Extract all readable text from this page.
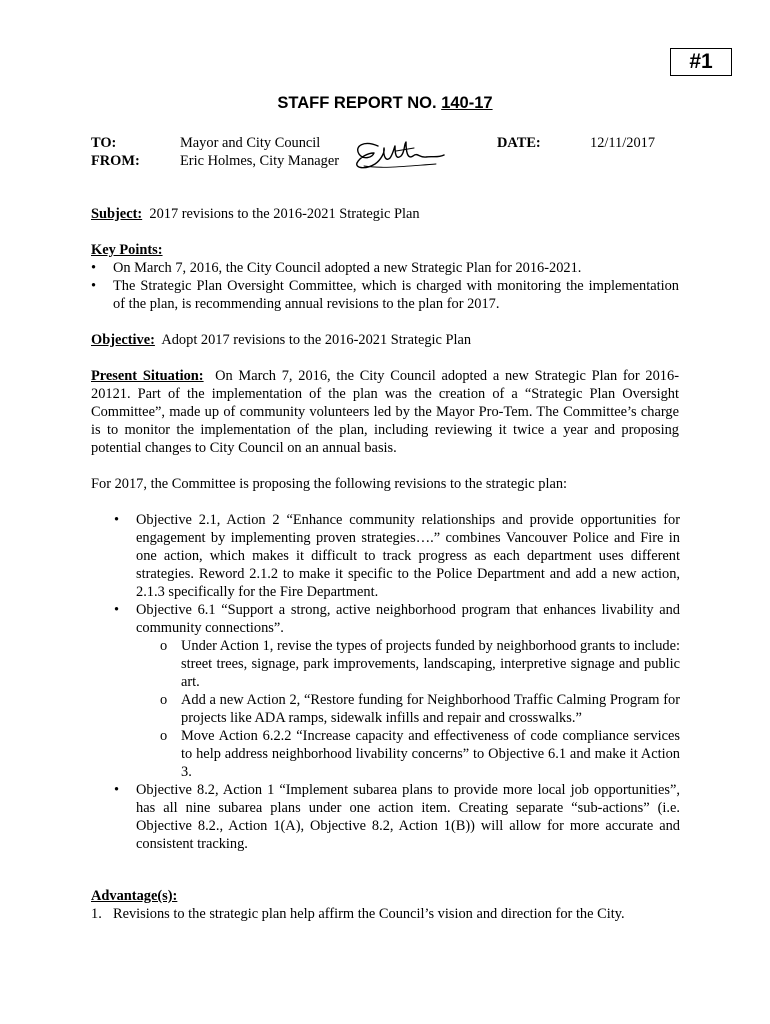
#1
STAFF REPORT NO. 140-17
TO:	Mayor and City Council
FROM:	Eric Holmes, City Manager
DATE:	12/11/2017
Subject: 2017 revisions to the 2016-2021 Strategic Plan
Key Points:
• On March 7, 2016, the City Council adopted a new Strategic Plan for 2016-2021.
• The Strategic Plan Oversight Committee, which is charged with monitoring the implementation of the plan, is recommending annual revisions to the plan for 2017.
Objective: Adopt 2017 revisions to the 2016-2021 Strategic Plan
Present Situation: On March 7, 2016, the City Council adopted a new Strategic Plan for 2016-20121. Part of the implementation of the plan was the creation of a “Strategic Plan Oversight Committee”, made up of community volunteers led by the Mayor Pro-Tem. The Committee’s charge is to monitor the implementation of the plan, including reviewing it twice a year and proposing potential changes to City Council on an annual basis.
For 2017, the Committee is proposing the following revisions to the strategic plan:
• Objective 2.1, Action 2 “Enhance community relationships and provide opportunities for engagement by implementing proven strategies….” combines Vancouver Police and Fire in one action, which makes it difficult to track progress as each department uses different strategies. Reword 2.1.2 to make it specific to the Police Department and add a new action, 2.1.3 specifically for the Fire Department.
• Objective 6.1 “Support a strong, active neighborhood program that enhances livability and community connections”.
o Under Action 1, revise the types of projects funded by neighborhood grants to include: street trees, signage, park improvements, landscaping, interpretive signage and public art.
o Add a new Action 2, “Restore funding for Neighborhood Traffic Calming Program for projects like ADA ramps, sidewalk infills and repair and crosswalks.”
o Move Action 6.2.2 “Increase capacity and effectiveness of code compliance services to help address neighborhood livability concerns” to Objective 6.1 and make it Action 3.
• Objective 8.2, Action 1 “Implement subarea plans to provide more local job opportunities”, has all nine subarea plans under one action item. Creating separate “sub-actions” (i.e. Objective 8.2., Action 1(A), Objective 8.2, Action 1(B)) will allow for more accurate and consistent tracking.
Advantage(s):
1. Revisions to the strategic plan help affirm the Council’s vision and direction for the City.
